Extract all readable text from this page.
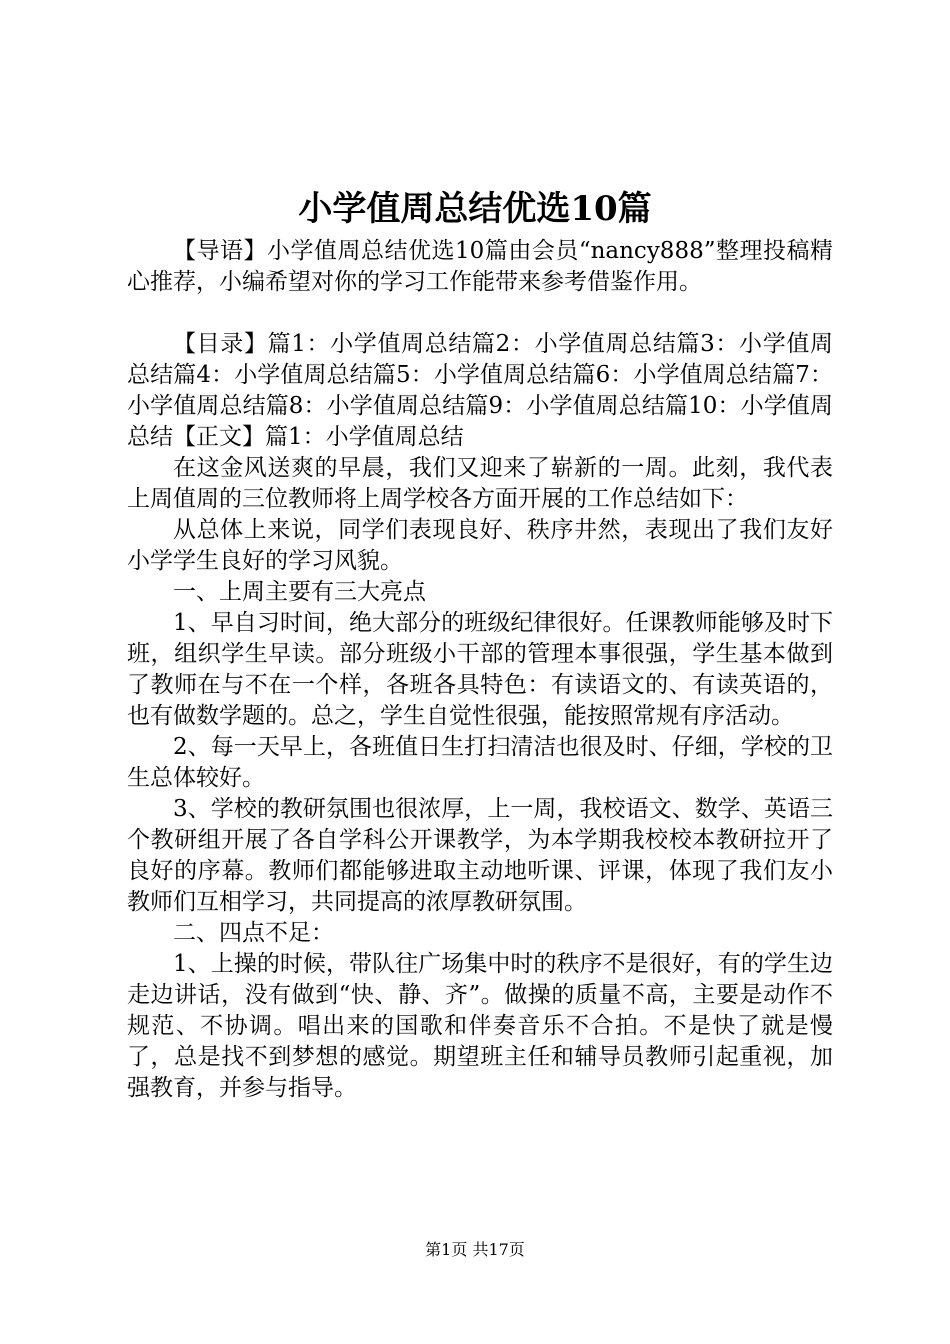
小学值周总结优选10篇

【导语】小学值周总结优选10篇由会员“nancy888”整理投稿精心推荐，小编希望对你的学习工作能带来参考借鉴作用。

【目录】篇1：小学值周总结篇2：小学值周总结篇3：小学值周总结篇4：小学值周总结篇5：小学值周总结篇6：小学值周总结篇7：小学值周总结篇8：小学值周总结篇9：小学值周总结篇10：小学值周总结【正文】篇1：小学值周总结

在这金风送爽的早晨，我们又迎来了崭新的一周。此刻，我代表上周值周的三位教师将上周学校各方面开展的工作总结如下：

从总体上来说，同学们表现良好、秩序井然，表现出了我们友好小学学生良好的学习风貌。

一、上周主要有三大亮点

1、早自习时间，绝大部分的班级纪律很好。任课教师能够及时下班，组织学生早读。部分班级小干部的管理本事很强，学生基本做到了教师在与不在一个样，各班各具特色：有读语文的、有读英语的，也有做数学题的。总之，学生自觉性很强，能按照常规有序活动。

2、每一天早上，各班值日生打扫清洁也很及时、仔细，学校的卫生总体较好。

3、学校的教研氛围也很浓厚，上一周，我校语文、数学、英语三个教研组开展了各自学科公开课教学，为本学期我校校本教研拉开了良好的序幕。教师们都能够进取主动地听课、评课，体现了我们友小教师们互相学习，共同提高的浓厚教研氛围。

二、四点不足：

1、上操的时候，带队往广场集中时的秩序不是很好，有的学生边走边讲话，没有做到“快、静、齐”。做操的质量不高，主要是动作不规范、不协调。唱出来的国歌和伴奏音乐不合拍。不是快了就是慢了，总是找不到梦想的感觉。期望班主任和辅导员教师引起重视，加强教育，并参与指导。

第1页 共17页
